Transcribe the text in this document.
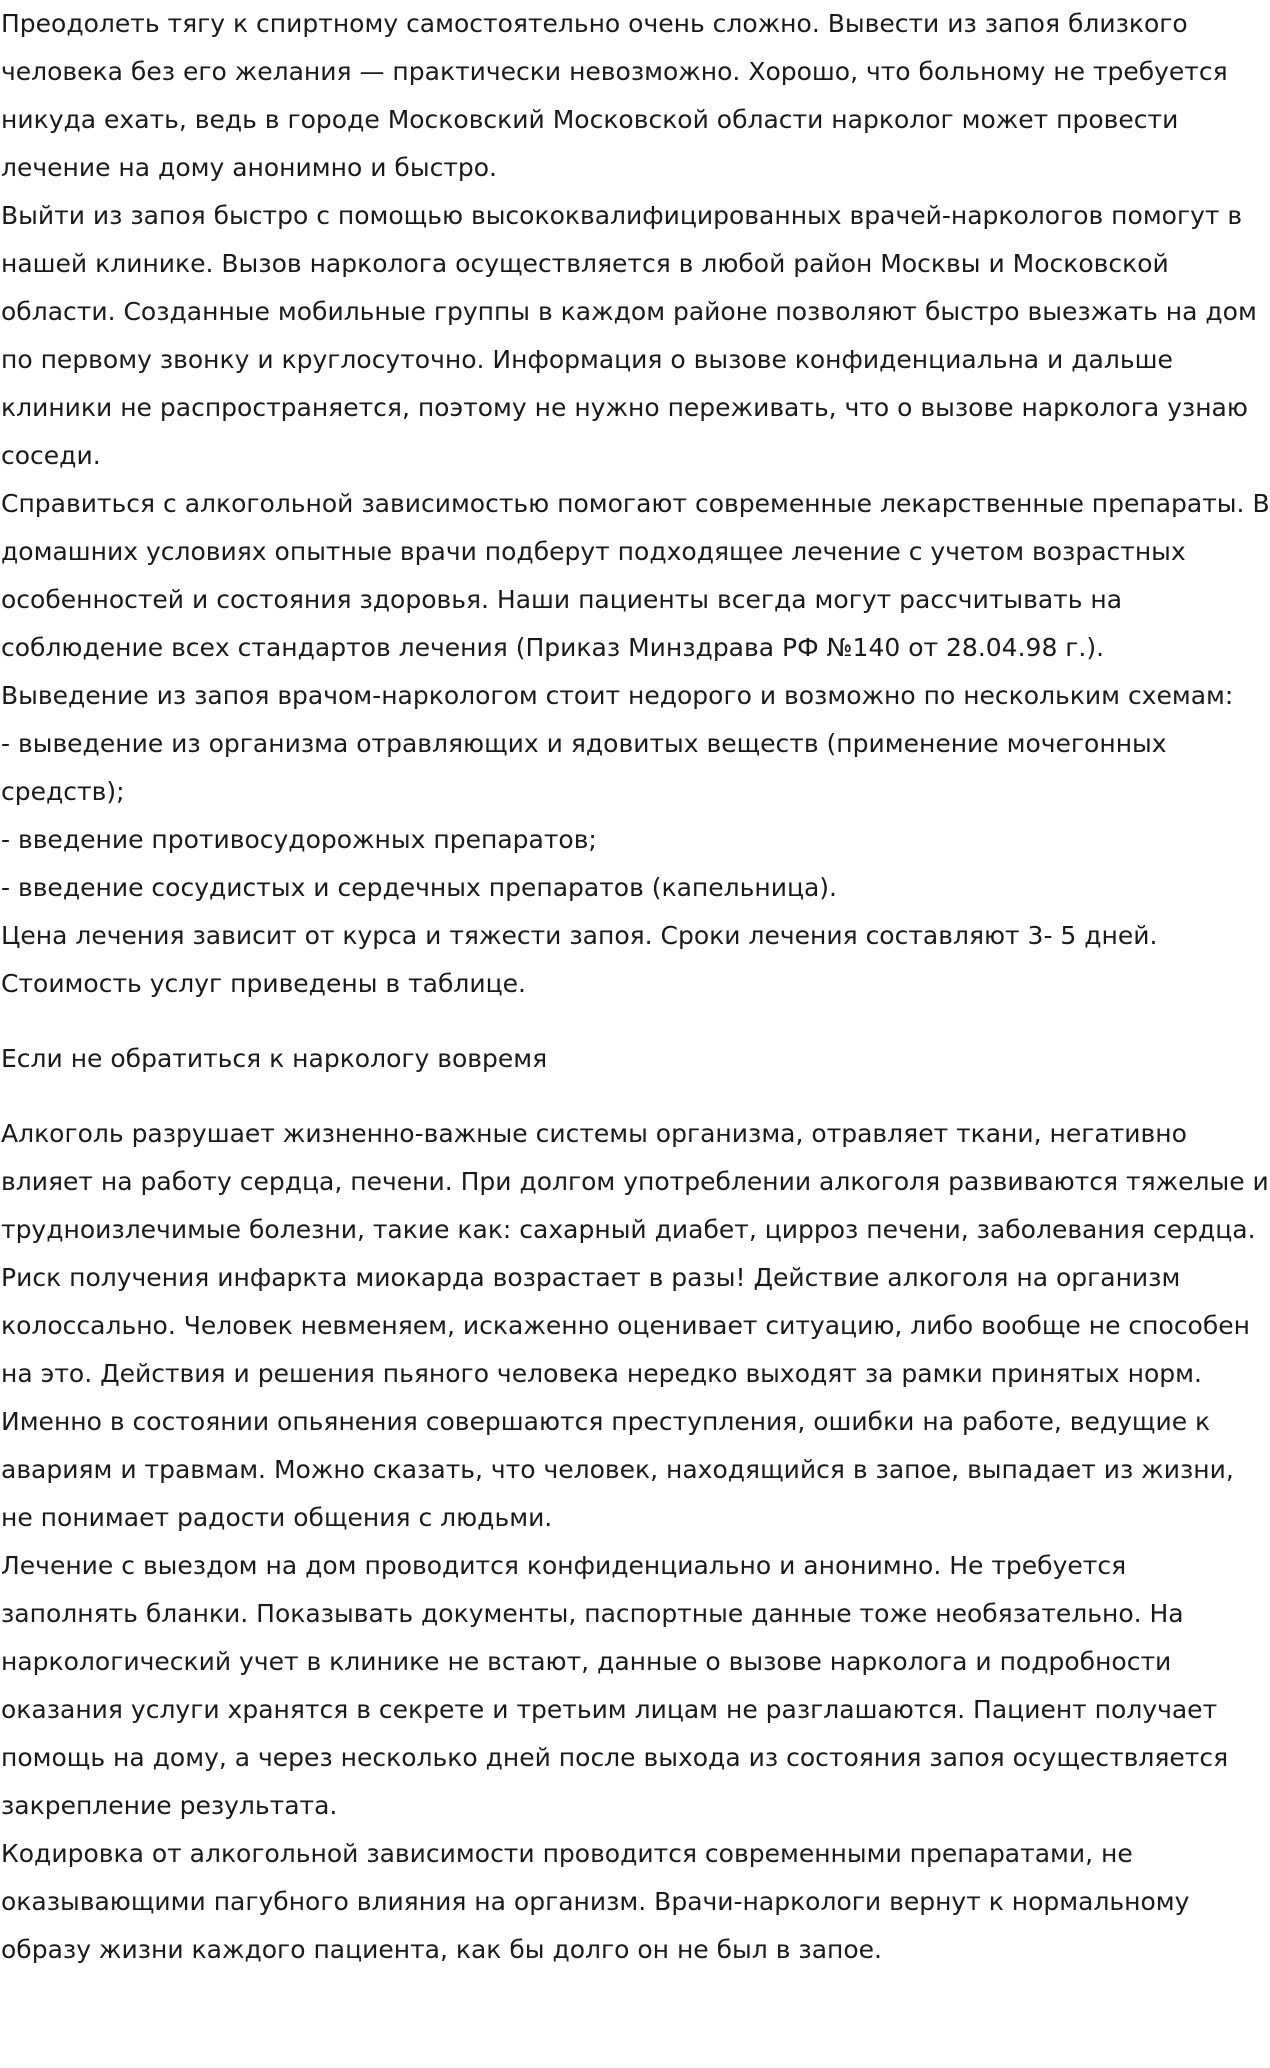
Преодолеть тягу к спиртному самостоятельно очень сложно. Вывести из запоя близкого человека без его желания — практически невозможно. Хорошо, что больному не требуется никуда ехать, ведь в городе Московский Московской области нарколог может провести лечение на дому анонимно и быстро.

Выйти из запоя быстро с помощью высококвалифицированных врачей-наркологов помогут в нашей клинике. Вызов нарколога осуществляется в любой район Москвы и Московской области. Созданные мобильные группы в каждом районе позволяют быстро выезжать на дом по первому звонку и круглосуточно. Информация о вызове конфиденциальна и дальше клиники не распространяется, поэтому не нужно переживать, что о вызове нарколога узнаю соседи.

Справиться с алкогольной зависимостью помогают современные лекарственные препараты. В домашних условиях опытные врачи подберут подходящее лечение с учетом возрастных особенностей и состояния здоровья. Наши пациенты всегда могут рассчитывать на соблюдение всех стандартов лечения (Приказ Минздрава РФ №140 от 28.04.98 г.).

Выведение из запоя врачом-наркологом стоит недорого и возможно по нескольким схемам:

- выведение из организма отравляющих и ядовитых веществ (применение мочегонных средств);

- введение противосудорожных препаратов;

- введение сосудистых и сердечных препаратов (капельница).

Цена лечения зависит от курса и тяжести запоя. Сроки лечения составляют 3- 5 дней. Стоимость услуг приведены в таблице.

Если не обратиться к наркологу вовремя

Алкоголь разрушает жизненно-важные системы организма, отравляет ткани, негативно влияет на работу сердца, печени. При долгом употреблении алкоголя развиваются тяжелые и трудноизлечимые болезни, такие как: сахарный диабет, цирроз печени, заболевания сердца. Риск получения инфаркта миокарда возрастает в разы! Действие алкоголя на организм колоссально. Человек невменяем, искаженно оценивает ситуацию, либо вообще не способен на это. Действия и решения пьяного человека нередко выходят за рамки принятых норм. Именно в состоянии опьянения совершаются преступления, ошибки на работе, ведущие к авариям и травмам. Можно сказать, что человек, находящийся в запое, выпадает из жизни, не понимает радости общения с людьми.

Лечение с выездом на дом проводится конфиденциально и анонимно. Не требуется заполнять бланки. Показывать документы, паспортные данные тоже необязательно. На наркологический учет в клинике не встают, данные о вызове нарколога и подробности оказания услуги хранятся в секрете и третьим лицам не разглашаются. Пациент получает помощь на дому, а через несколько дней после выхода из состояния запоя осуществляется закрепление результата.

Кодировка от алкогольной зависимости проводится современными препаратами, не оказывающими пагубного влияния на организм. Врачи-наркологи вернут к нормальному образу жизни каждого пациента, как бы долго он не был в запое.
